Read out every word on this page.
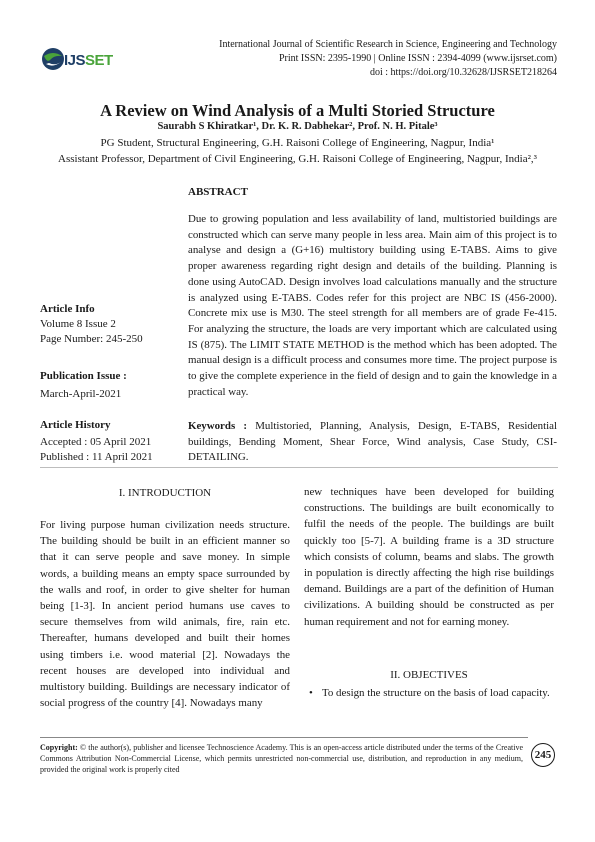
IJSSET
International Journal of Scientific Research in Science, Engineering and Technology
Print ISSN: 2395-1990 | Online ISSN : 2394-4099 (www.ijsrset.com)
doi : https://doi.org/10.32628/IJSRSET218264
A Review on Wind Analysis of a Multi Storied Structure
Saurabh S Khiratkar¹, Dr. K. R. Dabhekar², Prof. N. H. Pitale³
PG Student, Structural Engineering, G.H. Raisoni College of Engineering, Nagpur, India¹
Assistant Professor, Department of Civil Engineering, G.H. Raisoni College of Engineering, Nagpur, India²,³
Article Info
Volume 8 Issue 2
Page Number: 245-250
Publication Issue :
March-April-2021
Article History
Accepted : 05 April 2021
Published : 11 April 2021
ABSTRACT
Due to growing population and less availability of land, multistoried buildings are constructed which can serve many people in less area. Main aim of this project is to analyse and design a (G+16) multistory building using E-TABS. Aims to give proper awareness regarding right design and details of the building. Planning is done using AutoCAD. Design involves load calculations manually and the structure is analyzed using E-TABS. Codes refer for this project are NBC IS (456-2000). Concrete mix use is M30. The steel strength for all members are of grade Fe-415. For analyzing the structure, the loads are very important which are calculated using IS (875). The LIMIT STATE METHOD is the method which has been adopted. The manual design is a difficult process and consumes more time. The project purpose is to give the complete experience in the field of design and to gain the knowledge in a practical way.
Keywords : Multistoried, Planning, Analysis, Design, E-TABS, Residential buildings, Bending Moment, Shear Force, Wind analysis, Case Study, CSI-DETAILING.
I. INTRODUCTION
For living purpose human civilization needs structure. The building should be built in an efficient manner so that it can serve people and save money. In simple words, a building means an empty space surrounded by the walls and roof, in order to give shelter for human being [1-3]. In ancient period humans use caves to secure themselves from wild animals, fire, rain etc. Thereafter, humans developed and built their homes using timbers i.e. wood material [2]. Nowadays the recent houses are developed into individual and multistory building. Buildings are necessary indicator of social progress of the country [4]. Nowadays many
new techniques have been developed for building constructions. The buildings are built economically to fulfil the needs of the people. The buildings are built quickly too [5-7]. A building frame is a 3D structure which consists of column, beams and slabs. The growth in population is directly affecting the high rise buildings demand. Buildings are a part of the definition of Human civilizations. A building should be constructed as per human requirement and not for earning money.
II. OBJECTIVES
• To design the structure on the basis of load capacity.
Copyright: © the author(s), publisher and licensee Technoscience Academy. This is an open-access article distributed under the terms of the Creative Commons Attribution Non-Commercial License, which permits unrestricted non-commercial use, distribution, and reproduction in any medium, provided the original work is properly cited
245
